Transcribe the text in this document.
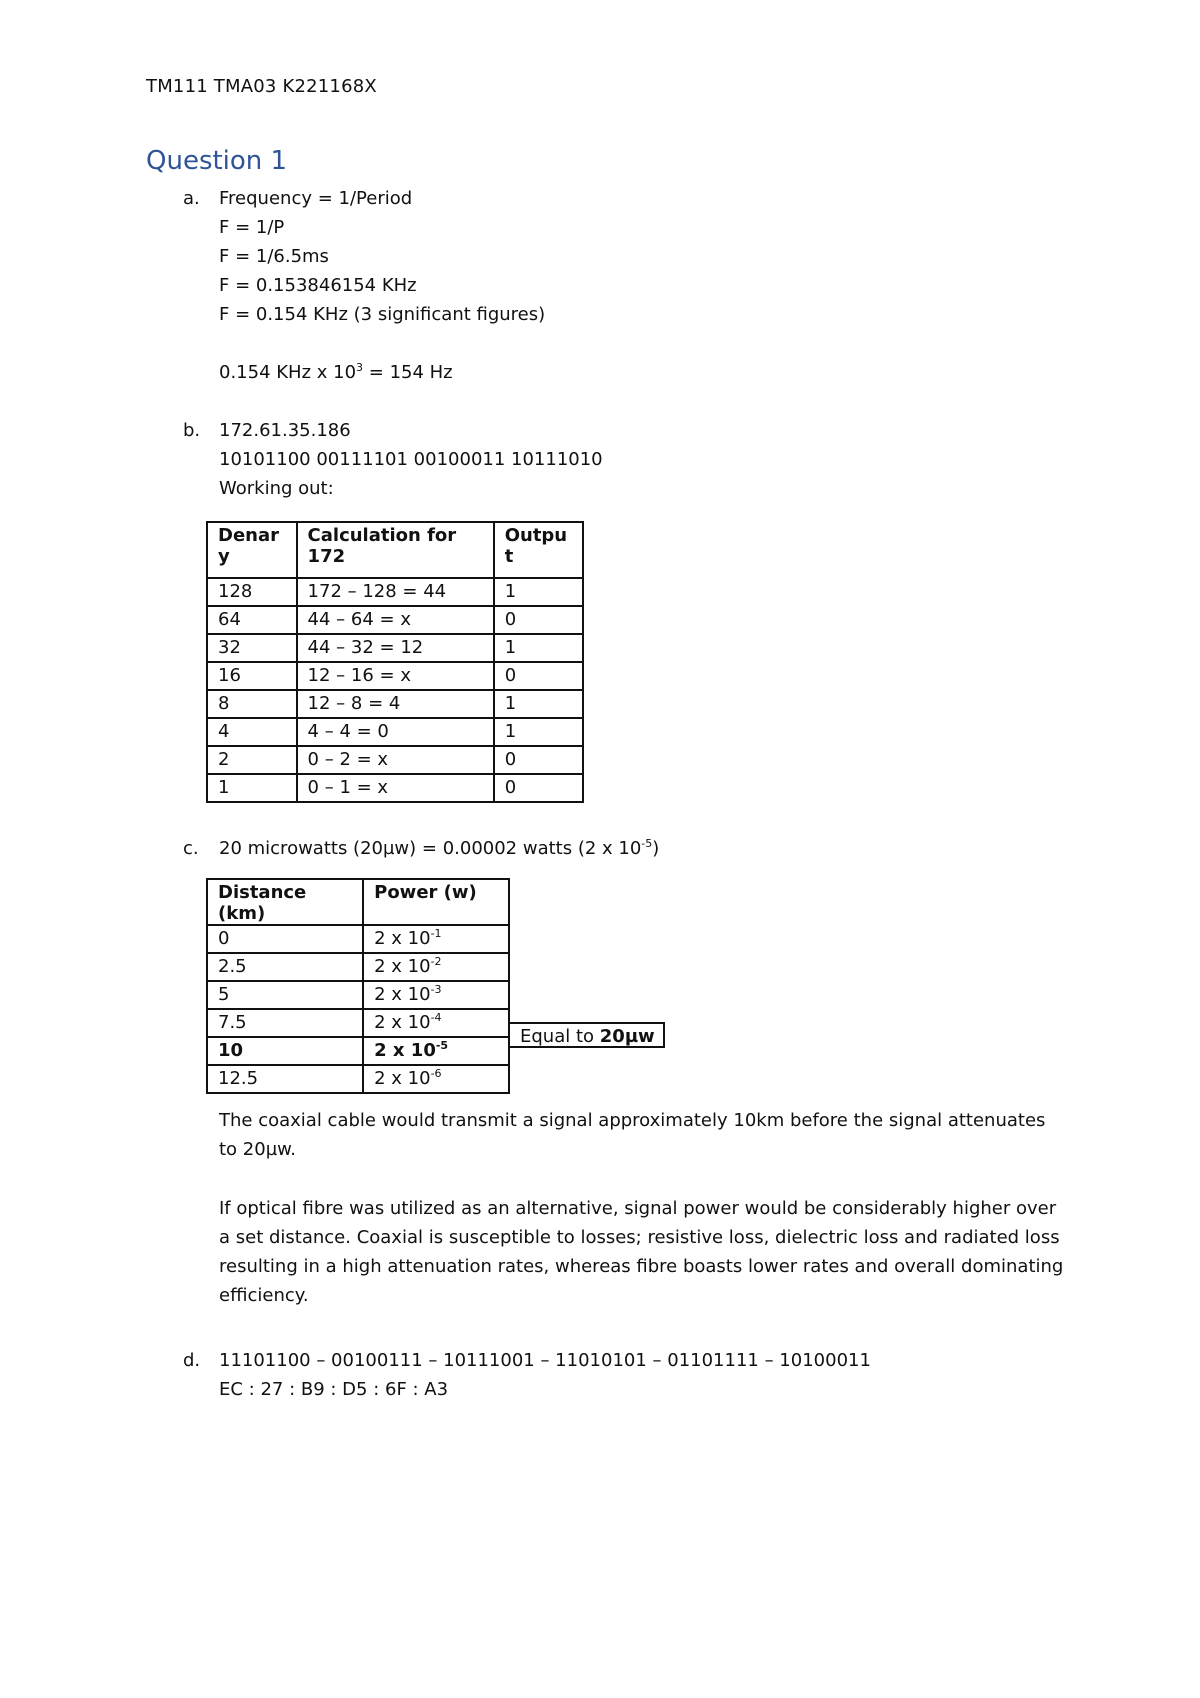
TM111 TMA03 K221168X
Question 1
a. Frequency = 1/Period
F = 1/P
F = 1/6.5ms
F = 0.153846154 KHz
F = 0.154 KHz (3 significant figures)
0.154 KHz x $10^3 = 154$ Hz
b. 172.61.35.186
10101100 00111101 00100011 10111010
Working out:
Denar y	Calculation for 172	Outpu t
128	172 – 128 = 44	1
64	44 – 64 = x	0
32	44 – 32 = 12	1
16	12 – 16 = x	0
8	12 – 8 = 4	1
4	4 – 4 = 0	1
2	0 – 2 = x	0
1	0 – 1 = x	0
c. 20 microwatts (20µw) = 0.00002 watts (2 x $10^{-5}$)
Distance (km)	Power (w)
0	2 x $10^{-1}$
2.5	2 x $10^{-2}$
5	2 x $10^{-3}$
7.5	2 x $10^{-4}$
10	2 x $10^{-5}$
12.5	2 x $10^{-6}$
Equal to 20µw
The coaxial cable would transmit a signal approximately 10km before the signal attenuates to 20µw.
If optical fibre was utilized as an alternative, signal power would be considerably higher over a set distance. Coaxial is susceptible to losses; resistive loss, dielectric loss and radiated loss resulting in a high attenuation rates, whereas fibre boasts lower rates and overall dominating efficiency.
d. 11101100 – 00100111 – 10111001 – 11010101 – 01101111 – 10100011
EC : 27 : B9 : D5 : 6F : A3
